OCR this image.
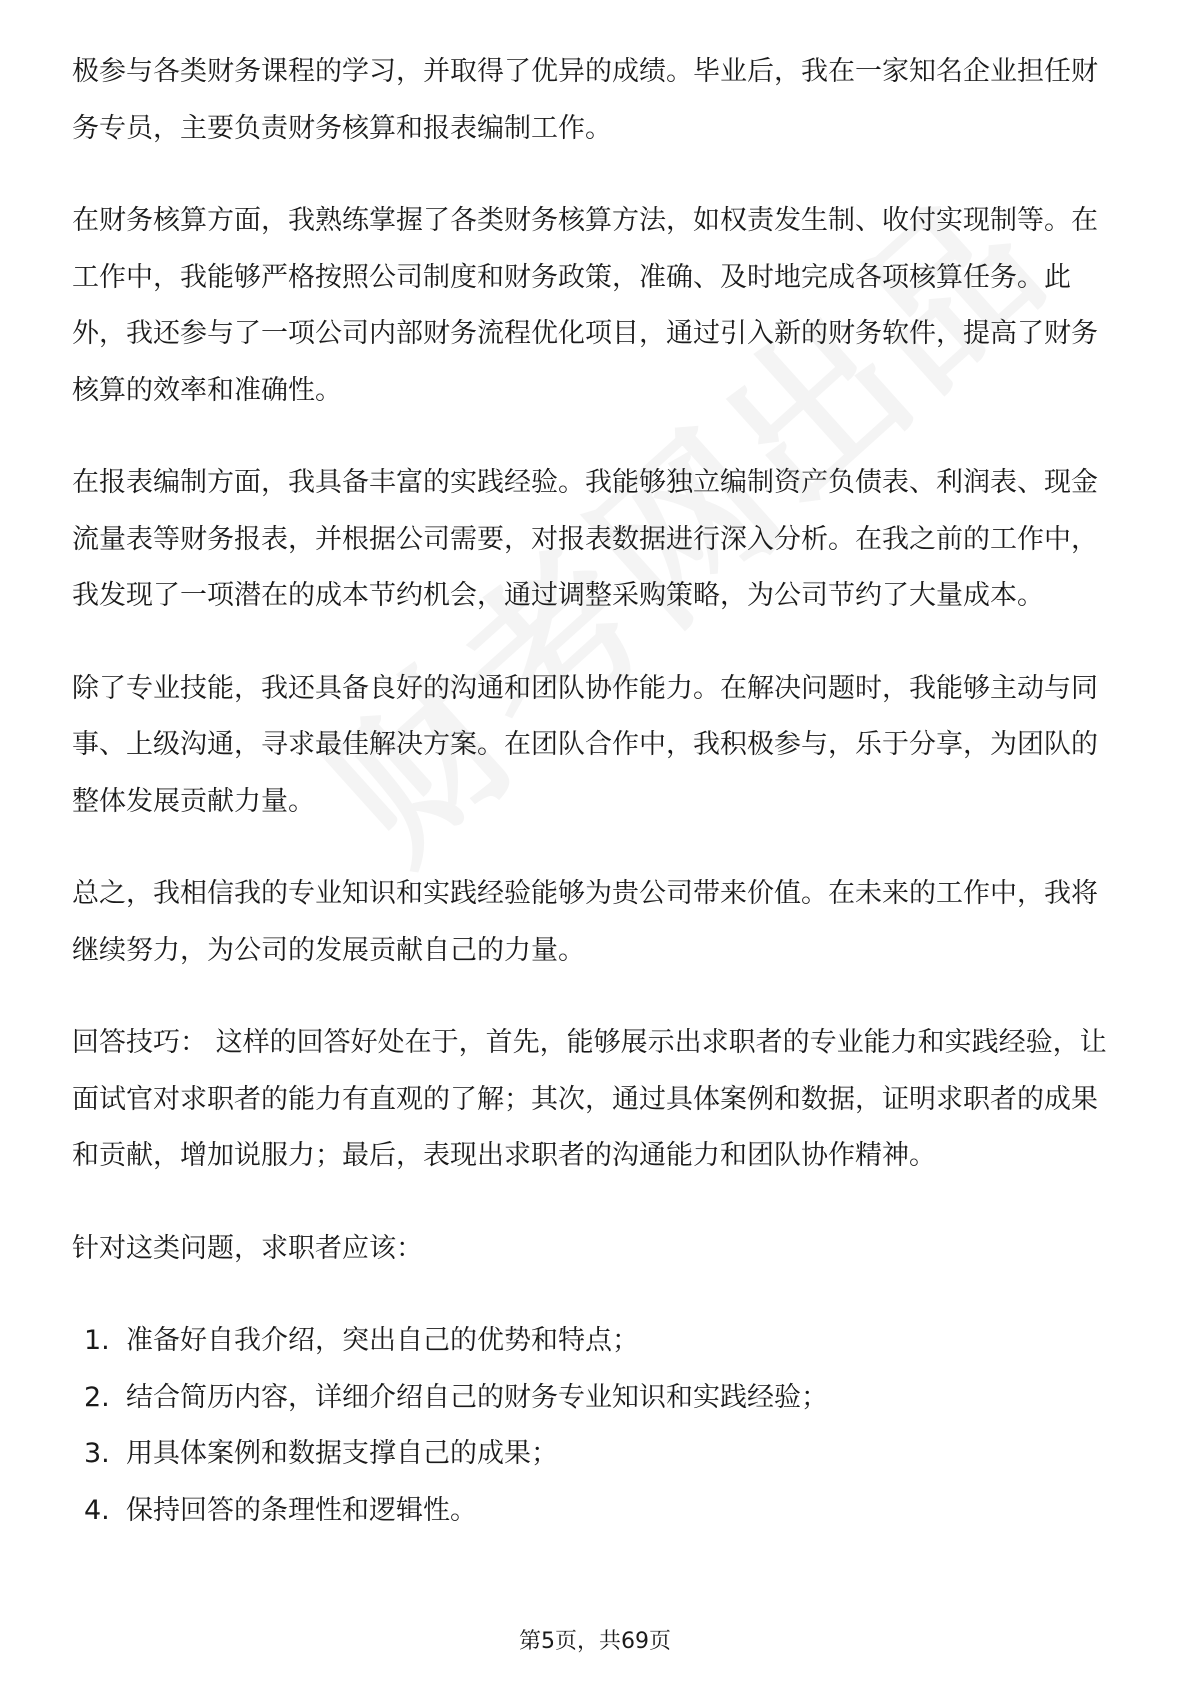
极参与各类财务课程的学习，并取得了优异的成绩。毕业后，我在一家知名企业担任财务专员，主要负责财务核算和报表编制工作。

在财务核算方面，我熟练掌握了各类财务核算方法，如权责发生制、收付实现制等。在工作中，我能够严格按照公司制度和财务政策，准确、及时地完成各项核算任务。此外，我还参与了一项公司内部财务流程优化项目，通过引入新的财务软件，提高了财务核算的效率和准确性。

在报表编制方面，我具备丰富的实践经验。我能够独立编制资产负债表、利润表、现金流量表等财务报表，并根据公司需要，对报表数据进行深入分析。在我之前的工作中，我发现了一项潜在的成本节约机会，通过调整采购策略，为公司节约了大量成本。

除了专业技能，我还具备良好的沟通和团队协作能力。在解决问题时，我能够主动与同事、上级沟通，寻求最佳解决方案。在团队合作中，我积极参与，乐于分享，为团队的整体发展贡献力量。

总之，我相信我的专业知识和实践经验能够为贵公司带来价值。在未来的工作中，我将继续努力，为公司的发展贡献自己的力量。

回答技巧： 这样的回答好处在于，首先，能够展示出求职者的专业能力和实践经验，让面试官对求职者的能力有直观的了解；其次，通过具体案例和数据，证明求职者的成果和贡献，增加说服力；最后，表现出求职者的沟通能力和团队协作精神。

针对这类问题，求职者应该：

1. 准备好自我介绍，突出自己的优势和特点；
2. 结合简历内容，详细介绍自己的财务专业知识和实践经验；
3. 用具体案例和数据支撑自己的成果；
4. 保持回答的条理性和逻辑性。
第5页，共69页
